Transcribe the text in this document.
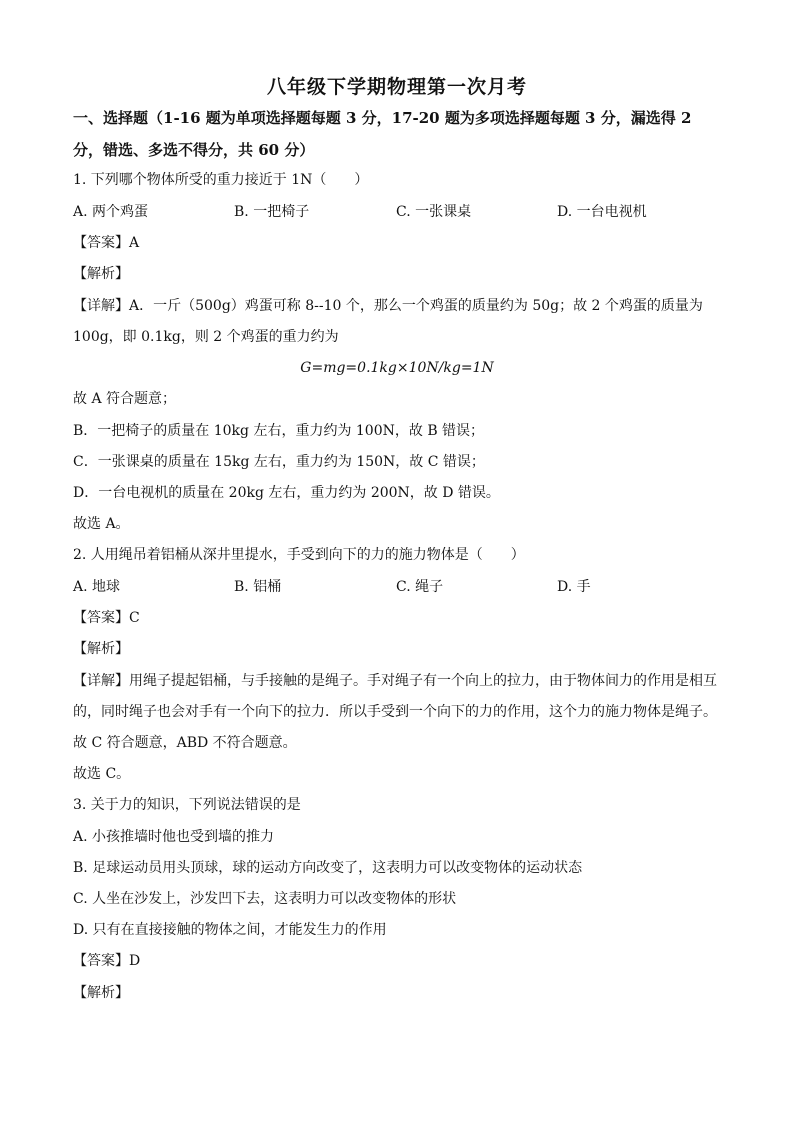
八年级下学期物理第一次月考
一、选择题（1-16 题为单项选择题每题 3 分，17-20 题为多项选择题每题 3 分，漏选得 2
分，错选、多选不得分，共 60 分）
1. 下列哪个物体所受的重力接近于 1N（　　）
A. 两个鸡蛋	B. 一把椅子	C. 一张课桌	D. 一台电视机
【答案】A
【解析】
【详解】A．一斤（500g）鸡蛋可称 8--10 个，那么一个鸡蛋的质量约为 50g；故 2 个鸡蛋的质量为
100g，即 0.1kg，则 2 个鸡蛋的重力约为
G=mg=0.1kg×10N/kg=1N
故 A 符合题意；
B．一把椅子的质量在 10kg 左右，重力约为 100N，故 B 错误；
C．一张课桌的质量在 15kg 左右，重力约为 150N，故 C 错误；
D．一台电视机的质量在 20kg 左右，重力约为 200N，故 D 错误。
故选 A。
2. 人用绳吊着铝桶从深井里提水，手受到向下的力的施力物体是（　　）
A. 地球	B. 铝桶	C. 绳子	D. 手
【答案】C
【解析】
【详解】用绳子提起铝桶，与手接触的是绳子。手对绳子有一个向上的拉力，由于物体间力的作用是相互
的，同时绳子也会对手有一个向下的拉力．所以手受到一个向下的力的作用，这个力的施力物体是绳子。
故 C 符合题意，ABD 不符合题意。
故选 C。
3. 关于力的知识，下列说法错误的是
A. 小孩推墙时他也受到墙的推力
B. 足球运动员用头顶球，球的运动方向改变了，这表明力可以改变物体的运动状态
C. 人坐在沙发上，沙发凹下去，这表明力可以改变物体的形状
D. 只有在直接接触的物体之间，才能发生力的作用
【答案】D
【解析】
